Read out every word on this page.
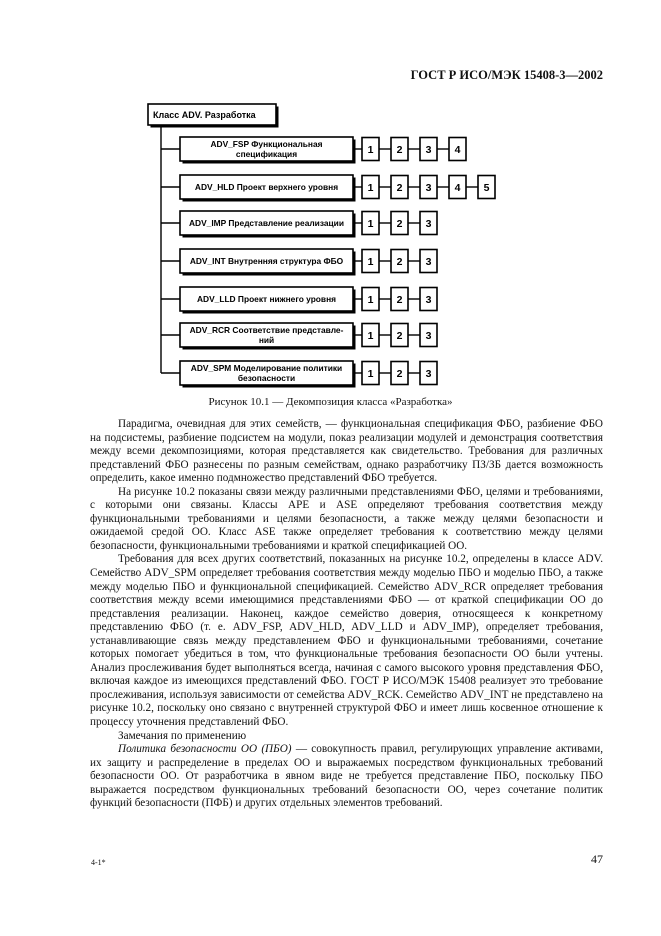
ГОСТ Р ИСО/МЭК 15408-3—2002
Класс ADV. Разработка
ADV_FSP Функциональная
спецификация	1 2 3 4
ADV_HLD Проект верхнего уровня	1 2 3 4 5
ADV_IMP Представление реализации 1 2 3
ADV_INT Внутренняя структура ФБО 1 2 3
ADV_LLD Проект нижнего уровня	1 2 3
ADV_RCR Соответствие представле-
ний	1 2 3
ADV_SPM Моделирование политики
безопасности	1 2 3
Рисунок 10.1 — Декомпозиция класса «Разработка»

Парадигма, очевидная для этих семейств, — функциональная спецификация ФБО, разбиение ФБО на подсистемы, разбиение подсистем на модули, показ реализации модулей и демонстрация соответствия между всеми декомпозициями, которая представляется как свидетельство. Требования для различных представлений ФБО разнесены по разным семействам, однако разработчику ПЗ/ЗБ дается возможность определить, какое именно подмножество представлений ФБО требуется.

На рисунке 10.2 показаны связи между различными представлениями ФБО, целями и требованиями, с которыми они связаны. Классы APE и ASE определяют требования соответствия между функциональными требованиями и целями безопасности, а также между целями безопасности и ожидаемой средой ОО. Класс ASE также определяет требования к соответствию между целями безопасности, функциональными требованиями и краткой спецификацией ОО.

Требования для всех других соответствий, показанных на рисунке 10.2, определены в классе ADV. Семейство ADV_SPM определяет требования соответствия между моделью ПБО и моделью ПБО, а также между моделью ПБО и функциональной спецификацией. Семейство ADV_RCR определяет требования соответствия между всеми имеющимися представлениями ФБО — от краткой спецификации ОО до представления реализации. Наконец, каждое семейство доверия, относящееся к конкретному представлению ФБО (т. е. ADV_FSP, ADV_HLD, ADV_LLD и ADV_IMP), определяет требования, устанавливающие связь между представлением ФБО и функциональными требованиями, сочетание которых помогает убедиться в том, что функциональные требования безопасности ОО были учтены. Анализ прослеживания будет выполняться всегда, начиная с самого высокого уровня представления ФБО, включая каждое из имеющихся представлений ФБО. ГОСТ Р ИСО/МЭК 15408 реализует это требование прослеживания, используя зависимости от семейства ADV_RCK. Семейство ADV_INT не представлено на рисунке 10.2, поскольку оно связано с внутренней структурой ФБО и имеет лишь косвенное отношение к процессу уточнения представлений ФБО.

Замечания по применению

Политика безопасности ОО (ПБО) — совокупность правил, регулирующих управление активами, их защиту и распределение в пределах ОО и выражаемых посредством функциональных требований безопасности ОО. От разработчика в явном виде не требуется представление ПБО, поскольку ПБО выражается посредством функциональных требований безопасности ОО, через сочетание политик функций безопасности (ПФБ) и других отдельных элементов требований.

4-1*	47
